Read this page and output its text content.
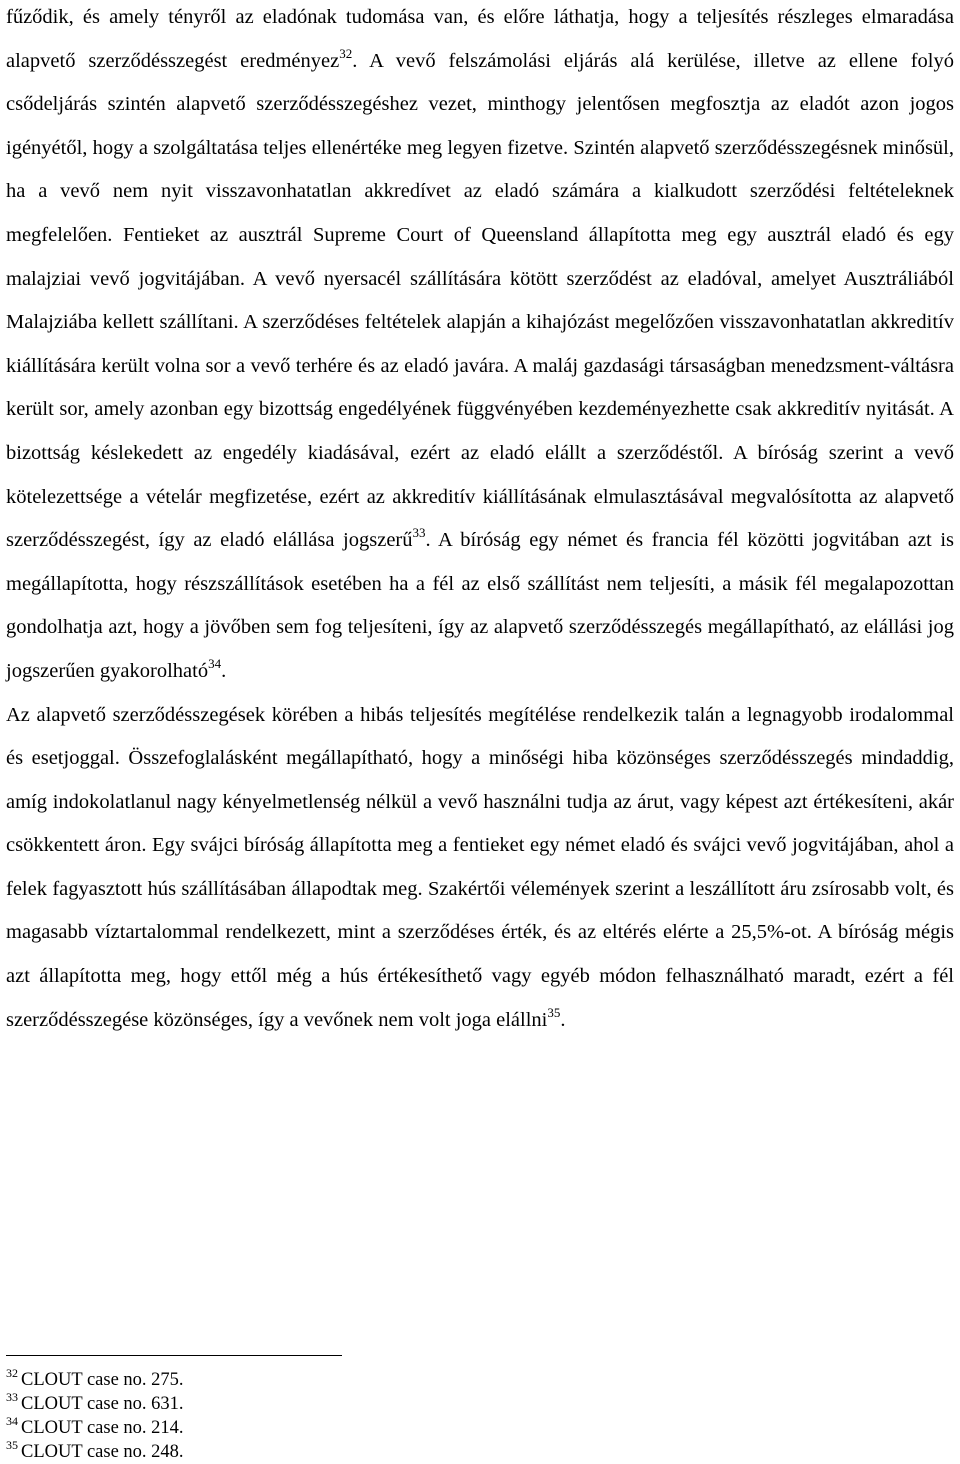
fűződik, és amely tényről az eladónak tudomása van, és előre láthatja, hogy a teljesítés részleges elmaradása alapvető szerződésszegést eredményez$^{32}$. A vevő felszámolási eljárás alá kerülése, illetve az ellene folyó csődeljárás szintén alapvető szerződésszegéshez vezet, minthogy jelentősen megfosztja az eladót azon jogos igényétől, hogy a szolgáltatása teljes ellenértéke meg legyen fizetve. Szintén alapvető szerződésszegésnek minősül, ha a vevő nem nyit visszavonhatatlan akkredívet az eladó számára a kialkudott szerződési feltételeknek megfelelően. Fentieket az ausztrál Supreme Court of Queensland állapította meg egy ausztrál eladó és egy malajziai vevő jogvitájában. A vevő nyersacél szállítására kötött szerződést az eladóval, amelyet Ausztráliából Malajziába kellett szállítani. A szerződéses feltételek alapján a kihajózást megelőzően visszavonhatatlan akkreditív kiállítására került volna sor a vevő terhére és az eladó javára. A maláj gazdasági társaságban menedzsment-váltásra került sor, amely azonban egy bizottság engedélyének függvényében kezdeményezhette csak akkreditív nyitását. A bizottság késlekedett az engedély kiadásával, ezért az eladó elállt a szerződéstől. A bíróság szerint a vevő kötelezettsége a vételár megfizetése, ezért az akkreditív kiállításának elmulasztásával megvalósította az alapvető szerződésszegést, így az eladó elállása jogszerű$^{33}$. A bíróság egy német és francia fél közötti jogvitában azt is megállapította, hogy részszállítások esetében ha a fél az első szállítást nem teljesíti, a másik fél megalapozottan gondolhatja azt, hogy a jövőben sem fog teljesíteni, így az alapvető szerződésszegés megállapítható, az elállási jog jogszerűen gyakorolható$^{34}$.

Az alapvető szerződésszegések körében a hibás teljesítés megítélése rendelkezik talán a legnagyobb irodalommal és esetjoggal. Összefoglalásként megállapítható, hogy a minőségi hiba közönséges szerződésszegés mindaddig, amíg indokolatlanul nagy kényelmetlenség nélkül a vevő használni tudja az árut, vagy képest azt értékesíteni, akár csökkentett áron. Egy svájci bíróság állapította meg a fentieket egy német eladó és svájci vevő jogvitájában, ahol a felek fagyasztott hús szállításában állapodtak meg. Szakértői vélemények szerint a leszállított áru zsírosabb volt, és magasabb víztartalommal rendelkezett, mint a szerződéses érték, és az eltérés elérte a 25,5%-ot. A bíróság mégis azt állapította meg, hogy ettől még a hús értékesíthető vagy egyéb módon felhasználható maradt, ezért a fél szerződésszegése közönséges, így a vevőnek nem volt joga elállni$^{35}$.

$^{32}$ CLOUT case no. 275.
$^{33}$ CLOUT case no. 631.
$^{34}$ CLOUT case no. 214.
$^{35}$ CLOUT case no. 248.
